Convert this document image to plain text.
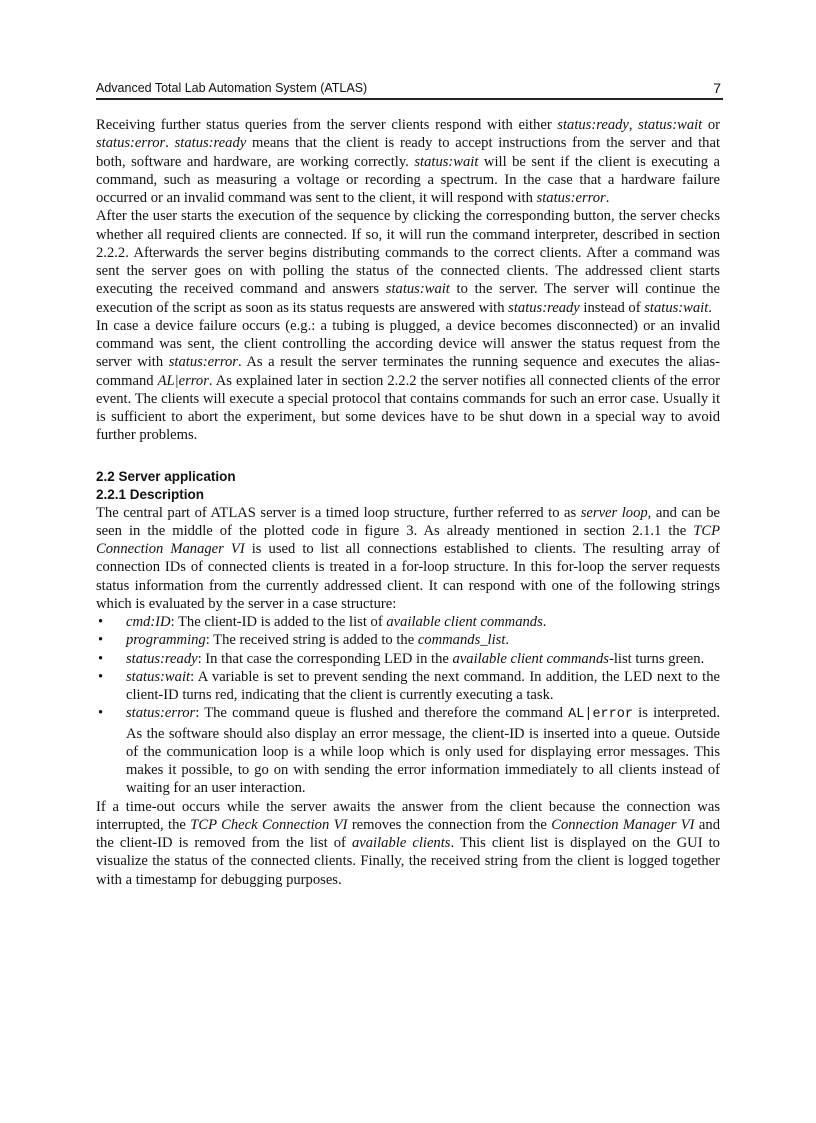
Advanced Total Lab Automation System (ATLAS)	7

Receiving further status queries from the server clients respond with either status:ready, status:wait or status:error. status:ready means that the client is ready to accept instructions from the server and that both, software and hardware, are working correctly. status:wait will be sent if the client is executing a command, such as measuring a voltage or recording a spectrum. In the case that a hardware failure occurred or an invalid command was sent to the client, it will respond with status:error.

After the user starts the execution of the sequence by clicking the corresponding button, the server checks whether all required clients are connected. If so, it will run the command interpreter, described in section 2.2.2. Afterwards the server begins distributing commands to the correct clients. After a command was sent the server goes on with polling the status of the connected clients. The addressed client starts executing the received command and answers status:wait to the server. The server will continue the execution of the script as soon as its status requests are answered with status:ready instead of status:wait.

In case a device failure occurs (e.g.: a tubing is plugged, a device becomes disconnected) or an invalid command was sent, the client controlling the according device will answer the status request from the server with status:error. As a result the server terminates the running sequence and executes the alias-command AL|error. As explained later in section 2.2.2 the server notifies all connected clients of the error event. The clients will execute a special protocol that contains commands for such an error case. Usually it is sufficient to abort the experiment, but some devices have to be shut down in a special way to avoid further problems.

2.2 Server application
2.2.1 Description

The central part of ATLAS server is a timed loop structure, further referred to as server loop, and can be seen in the middle of the plotted code in figure 3. As already mentioned in section 2.1.1 the TCP Connection Manager VI is used to list all connections established to clients. The resulting array of connection IDs of connected clients is treated in a for-loop structure. In this for-loop the server requests status information from the currently addressed client. It can respond with one of the following strings which is evaluated by the server in a case structure:

• cmd:ID: The client-ID is added to the list of available client commands.
• programming: The received string is added to the commands_list.
• status:ready: In that case the corresponding LED in the available client commands-list turns green.
• status:wait: A variable is set to prevent sending the next command. In addition, the LED next to the client-ID turns red, indicating that the client is currently executing a task.
• status:error: The command queue is flushed and therefore the command AL|error is interpreted. As the software should also display an error message, the client-ID is inserted into a queue. Outside of the communication loop is a while loop which is only used for displaying error messages. This makes it possible, to go on with sending the error information immediately to all clients instead of waiting for an user interaction.

If a time-out occurs while the server awaits the answer from the client because the connection was interrupted, the TCP Check Connection VI removes the connection from the Connection Manager VI and the client-ID is removed from the list of available clients. This client list is displayed on the GUI to visualize the status of the connected clients. Finally, the received string from the client is logged together with a timestamp for debugging purposes.
